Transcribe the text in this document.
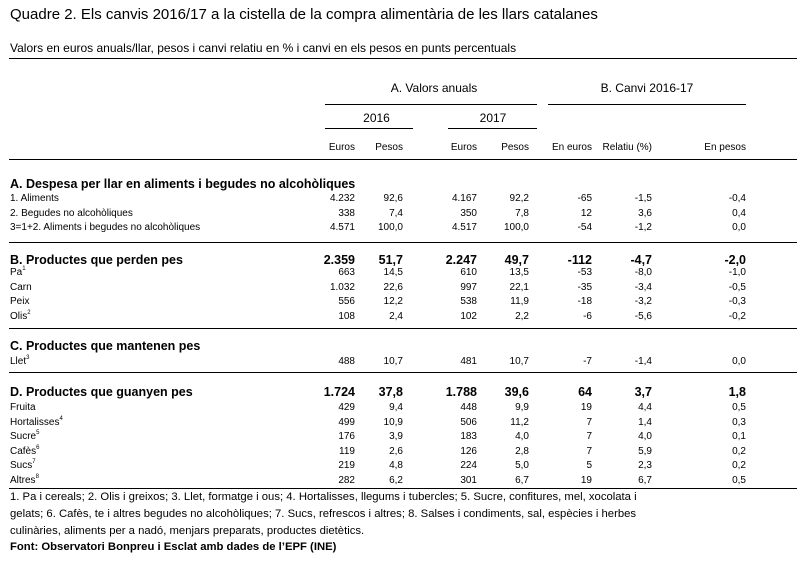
Quadre 2. Els canvis 2016/17 a la cistella de la compra alimentària de les llars catalanes
Valors en euros anuals/llar, pesos i canvi relatiu en % i canvi en els pesos en punts percentuals
A. Valors anuals	B. Canvi 2016-17
2016	2017
Euros	Pesos	Euros	Pesos	En euros	Relatiu (%)	En pesos
A. Despesa per llar en aliments i begudes no alcohòliques
1. Aliments	4.232	92,6	4.167	92,2	-65	-1,5	-0,4
2. Begudes no alcohòliques	338	7,4	350	7,8	12	3,6	0,4
3=1+2. Aliments i begudes no alcohòliques	4.571	100,0	4.517	100,0	-54	-1,2	0,0
B. Productes que perden pes	2.359	51,7	2.247	49,7	-112	-4,7	-2,0
Pa$^1$	663	14,5	610	13,5	-53	-8,0	-1,0
Carn	1.032	22,6	997	22,1	-35	-3,4	-0,5
Peix	556	12,2	538	11,9	-18	-3,2	-0,3
Olis$^2$	108	2,4	102	2,2	-6	-5,6	-0,2
C. Productes que mantenen pes
Llet$^3$	488	10,7	481	10,7	-7	-1,4	0,0
D. Productes que guanyen pes	1.724	37,8	1.788	39,6	64	3,7	1,8
Fruita	429	9,4	448	9,9	19	4,4	0,5
Hortalisses$^4$	499	10,9	506	11,2	7	1,4	0,3
Sucre$^5$	176	3,9	183	4,0	7	4,0	0,1
Cafès$^6$	119	2,6	126	2,8	7	5,9	0,2
Sucs$^7$	219	4,8	224	5,0	5	2,3	0,2
Altres$^8$	282	6,2	301	6,7	19	6,7	0,5
1. Pa i cereals; 2. Olis i greixos; 3. Llet, formatge i ous; 4. Hortalisses, llegums i tubercles; 5. Sucre, confitures, mel, xocolata i
gelats; 6. Cafès, te i altres begudes no alcohòliques; 7. Sucs, refrescos i altres; 8. Salses i condiments, sal, espècies i herbes
culinàries, aliments per a nadó, menjars preparats, productes dietètics.
Font: Observatori Bonpreu i Esclat amb dades de l’EPF (INE)
